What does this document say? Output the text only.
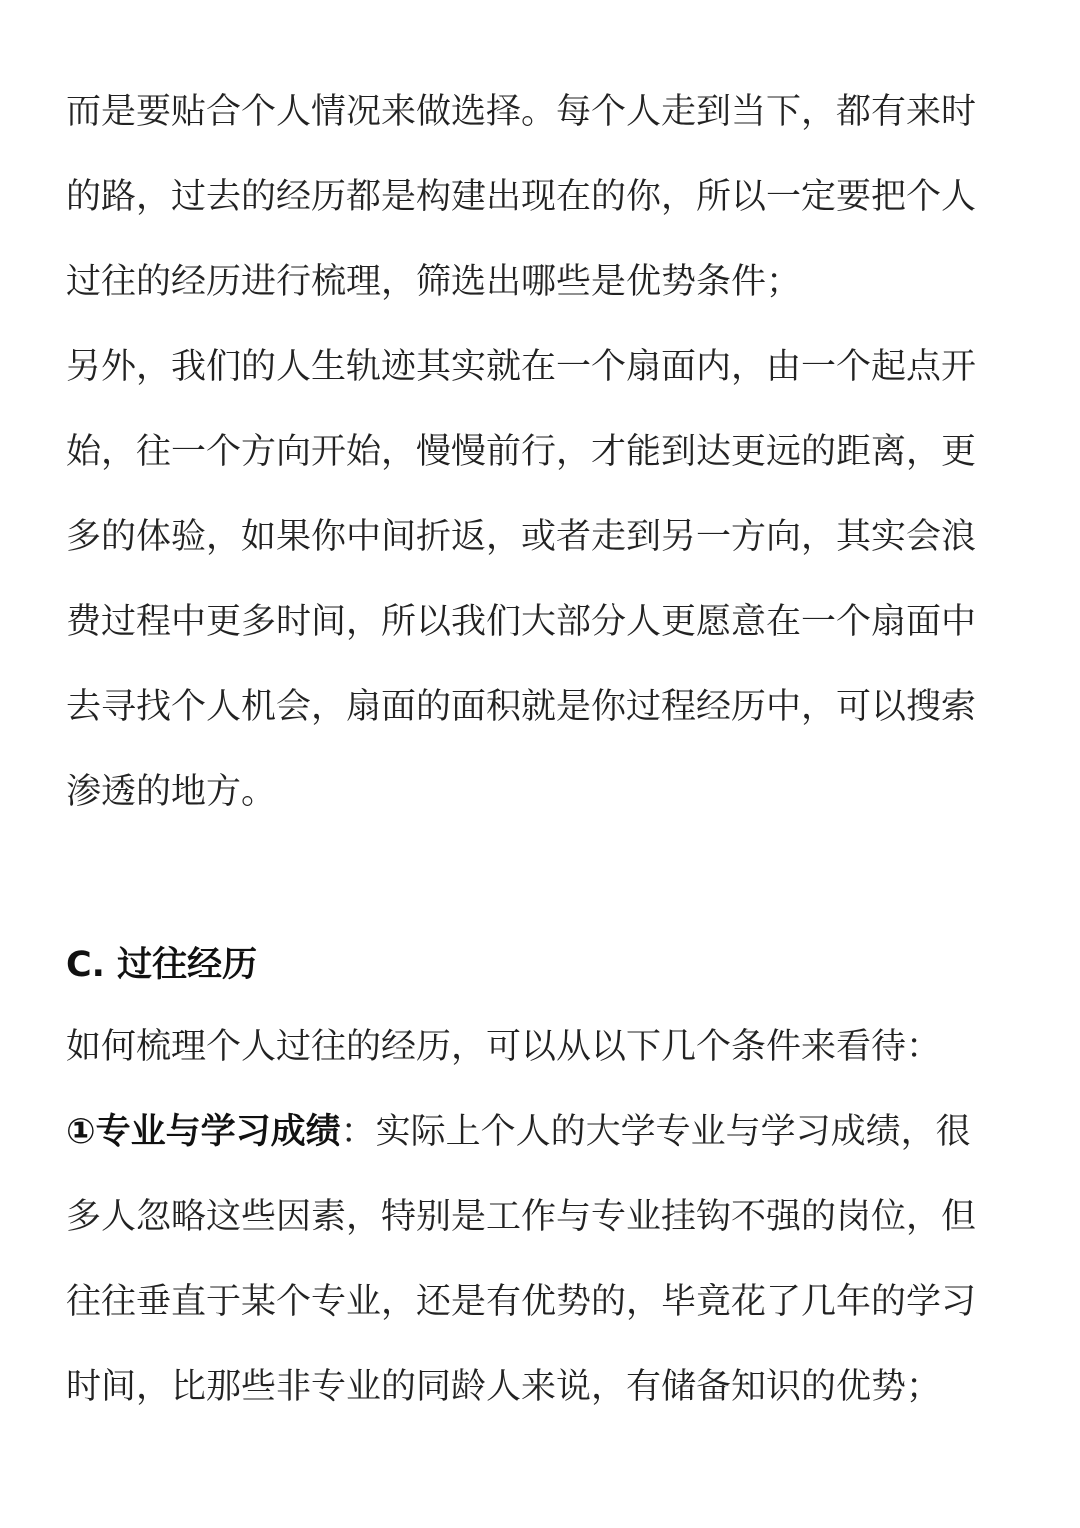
而是要贴合个人情况来做选择。每个人走到当下，都有来时
的路，过去的经历都是构建出现在的你，所以一定要把个人
过往的经历进行梳理，筛选出哪些是优势条件；
另外，我们的人生轨迹其实就在一个扇面内，由一个起点开
始，往一个方向开始，慢慢前行，才能到达更远的距离，更
多的体验，如果你中间折返，或者走到另一方向，其实会浪
费过程中更多时间，所以我们大部分人更愿意在一个扇面中
去寻找个人机会，扇面的面积就是你过程经历中，可以搜索
渗透的地方。
C. 过往经历
如何梳理个人过往的经历，可以从以下几个条件来看待：
①专业与学习成绩：实际上个人的大学专业与学习成绩，很
多人忽略这些因素，特别是工作与专业挂钩不强的岗位，但
往往垂直于某个专业，还是有优势的，毕竟花了几年的学习
时间，比那些非专业的同龄人来说，有储备知识的优势；
